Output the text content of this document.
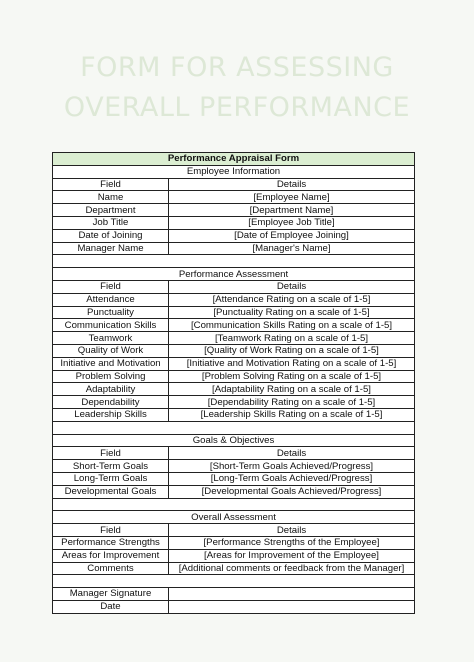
FORM FOR ASSESSING
OVERALL PERFORMANCE
Performance Appraisal Form	
Employee Information	
Field	Details
Name	[Employee Name]
Department	[Department Name]
Job Title	[Employee Job Title]
Date of Joining	[Date of Employee Joining]
Manager Name	[Manager's Name]

Performance Assessment	
Field	Details
Attendance	[Attendance Rating on a scale of 1-5]
Punctuality	[Punctuality Rating on a scale of 1-5]
Communication Skills	[Communication Skills Rating on a scale of 1-5]
Teamwork	[Teamwork Rating on a scale of 1-5]
Quality of Work	[Quality of Work Rating on a scale of 1-5]
Initiative and Motivation	[Initiative and Motivation Rating on a scale of 1-5]
Problem Solving	[Problem Solving Rating on a scale of 1-5]
Adaptability	[Adaptability Rating on a scale of 1-5]
Dependability	[Dependability Rating on a scale of 1-5]
Leadership Skills	[Leadership Skills Rating on a scale of 1-5]

Goals & Objectives	
Field	Details
Short-Term Goals	[Short-Term Goals Achieved/Progress]
Long-Term Goals	[Long-Term Goals Achieved/Progress]
Developmental Goals	[Developmental Goals Achieved/Progress]

Overall Assessment	
Field	Details
Performance Strengths	[Performance Strengths of the Employee]
Areas for Improvement	[Areas for Improvement of the Employee]
Comments	[Additional comments or feedback from the Manager]

Manager Signature	
Date	
